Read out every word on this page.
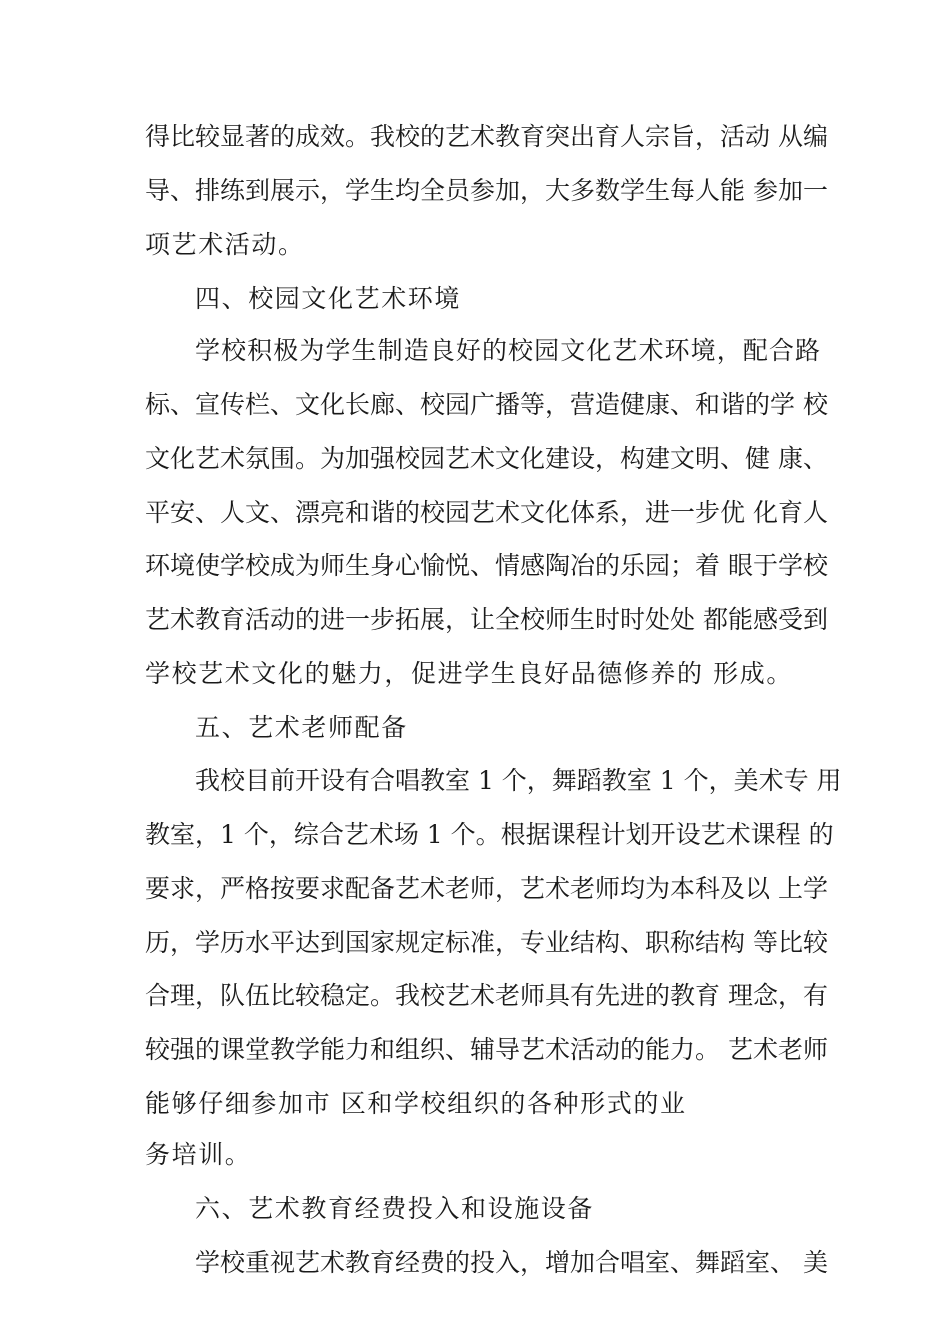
得比较显著的成效。我校的艺术教育突出育人宗旨，活动 从编
导、排练到展示，学生均全员参加，大多数学生每人能 参加一
项艺术活动。
四、校园文化艺术环境
学校积极为学生制造良好的校园文化艺术环境，配合路
标、宣传栏、文化长廊、校园广播等，营造健康、和谐的学 校
文化艺术氛围。为加强校园艺术文化建设，构建文明、健 康、
平安、人文、漂亮和谐的校园艺术文化体系，进一步优 化育人
环境使学校成为师生身心愉悦、情感陶冶的乐园；着 眼于学校
艺术教育活动的进一步拓展，让全校师生时时处处 都能感受到
学校艺术文化的魅力，促进学生良好品德修养的 形成。
五、艺术老师配备
我校目前开设有合唱教室 1 个，舞蹈教室 1 个，美术专 用
教室，1 个，综合艺术场 1 个。根据课程计划开设艺术课程 的
要求，严格按要求配备艺术老师，艺术老师均为本科及以 上学
历，学历水平达到国家规定标准，专业结构、职称结构 等比较
合理，队伍比较稳定。我校艺术老师具有先进的教育 理念，有
较强的课堂教学能力和组织、辅导艺术活动的能力。 艺术老师
能够仔细参加市 区和学校组织的各种形式的业
务培训。
六、艺术教育经费投入和设施设备
学校重视艺术教育经费的投入，增加合唱室、舞蹈室、 美
